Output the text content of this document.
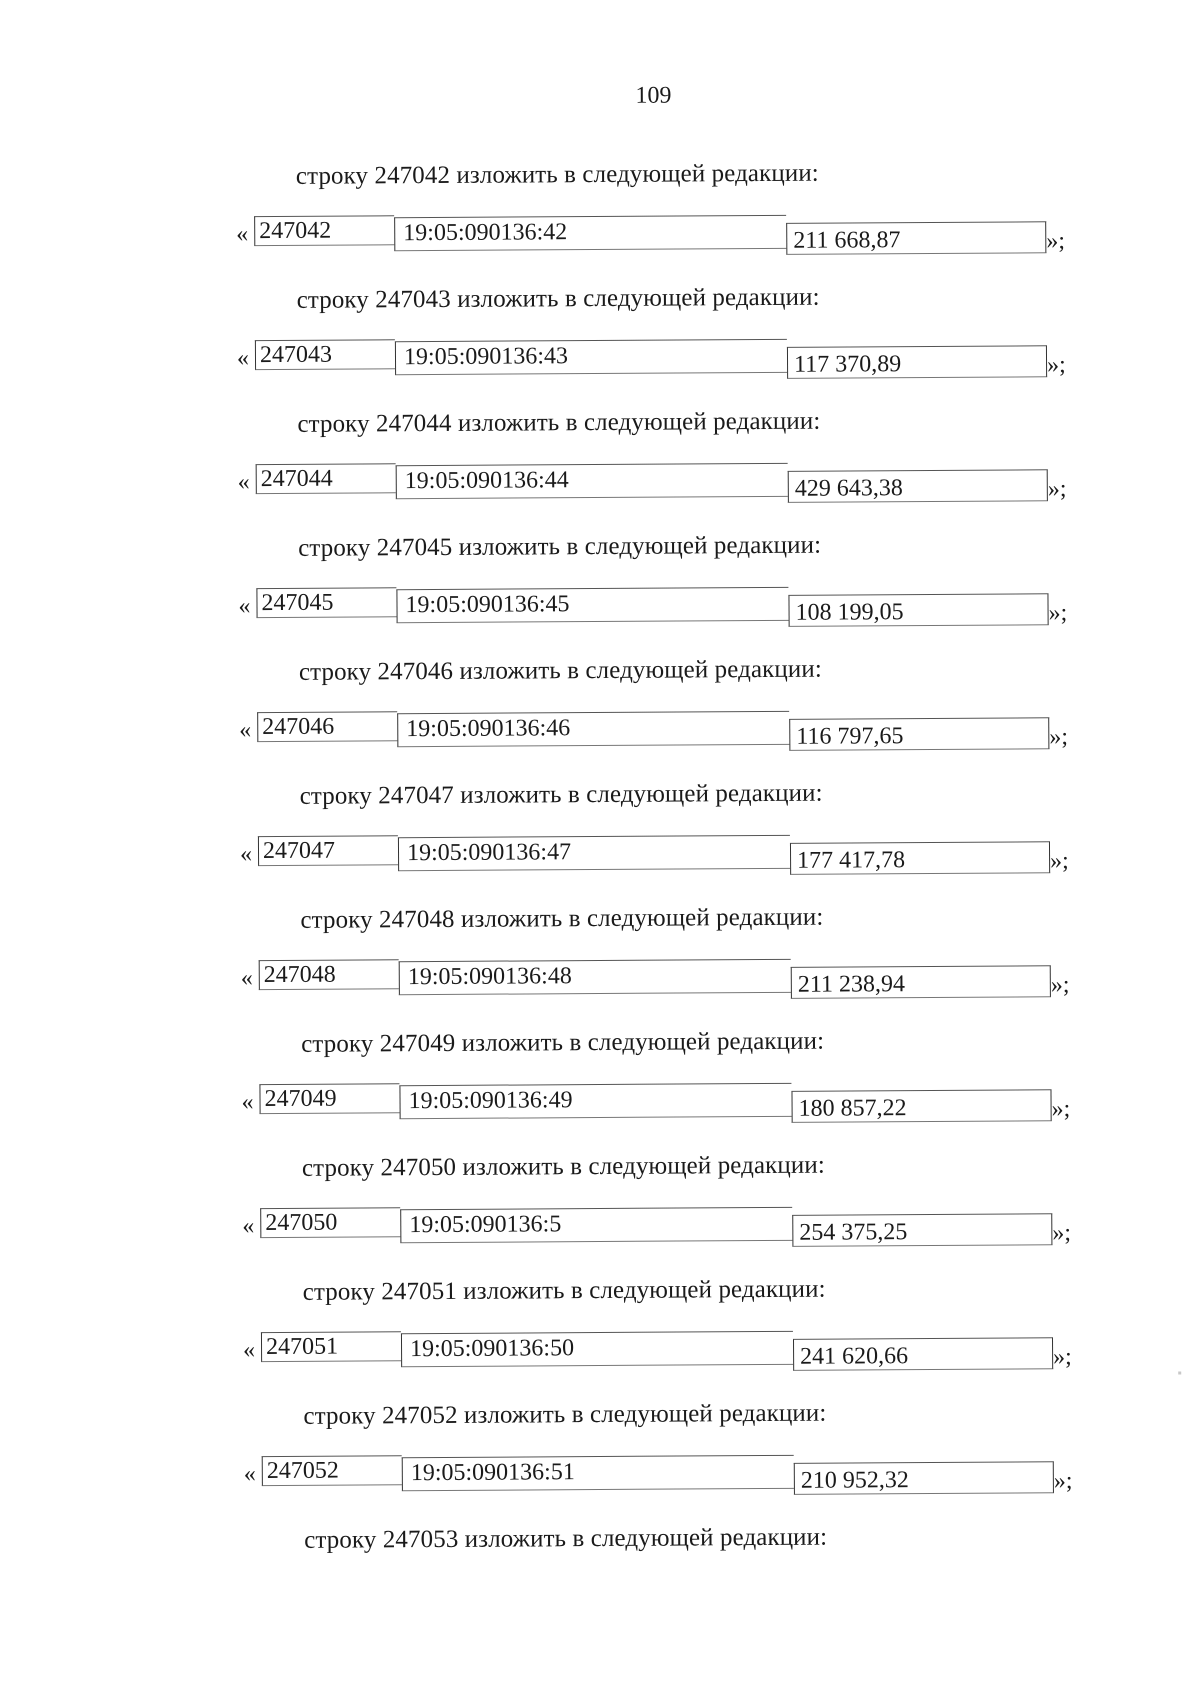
109
строку 247042 изложить в следующей редакции:
« 247042	19:05:090136:42	211 668,87	»;
строку 247043 изложить в следующей редакции:
« 247043	19:05:090136:43	117 370,89	»;
строку 247044 изложить в следующей редакции:
« 247044	19:05:090136:44	429 643,38	»;
строку 247045 изложить в следующей редакции:
« 247045	19:05:090136:45	108 199,05	»;
строку 247046 изложить в следующей редакции:
« 247046	19:05:090136:46	116 797,65	»;
строку 247047 изложить в следующей редакции:
« 247047	19:05:090136:47	177 417,78	»;
строку 247048 изложить в следующей редакции:
« 247048	19:05:090136:48	211 238,94	»;
строку 247049 изложить в следующей редакции:
« 247049	19:05:090136:49	180 857,22	»;
строку 247050 изложить в следующей редакции:
« 247050	19:05:090136:5	254 375,25	»;
строку 247051 изложить в следующей редакции:
« 247051	19:05:090136:50	241 620,66	»;
строку 247052 изложить в следующей редакции:
« 247052	19:05:090136:51	210 952,32	»;
строку 247053 изложить в следующей редакции:
